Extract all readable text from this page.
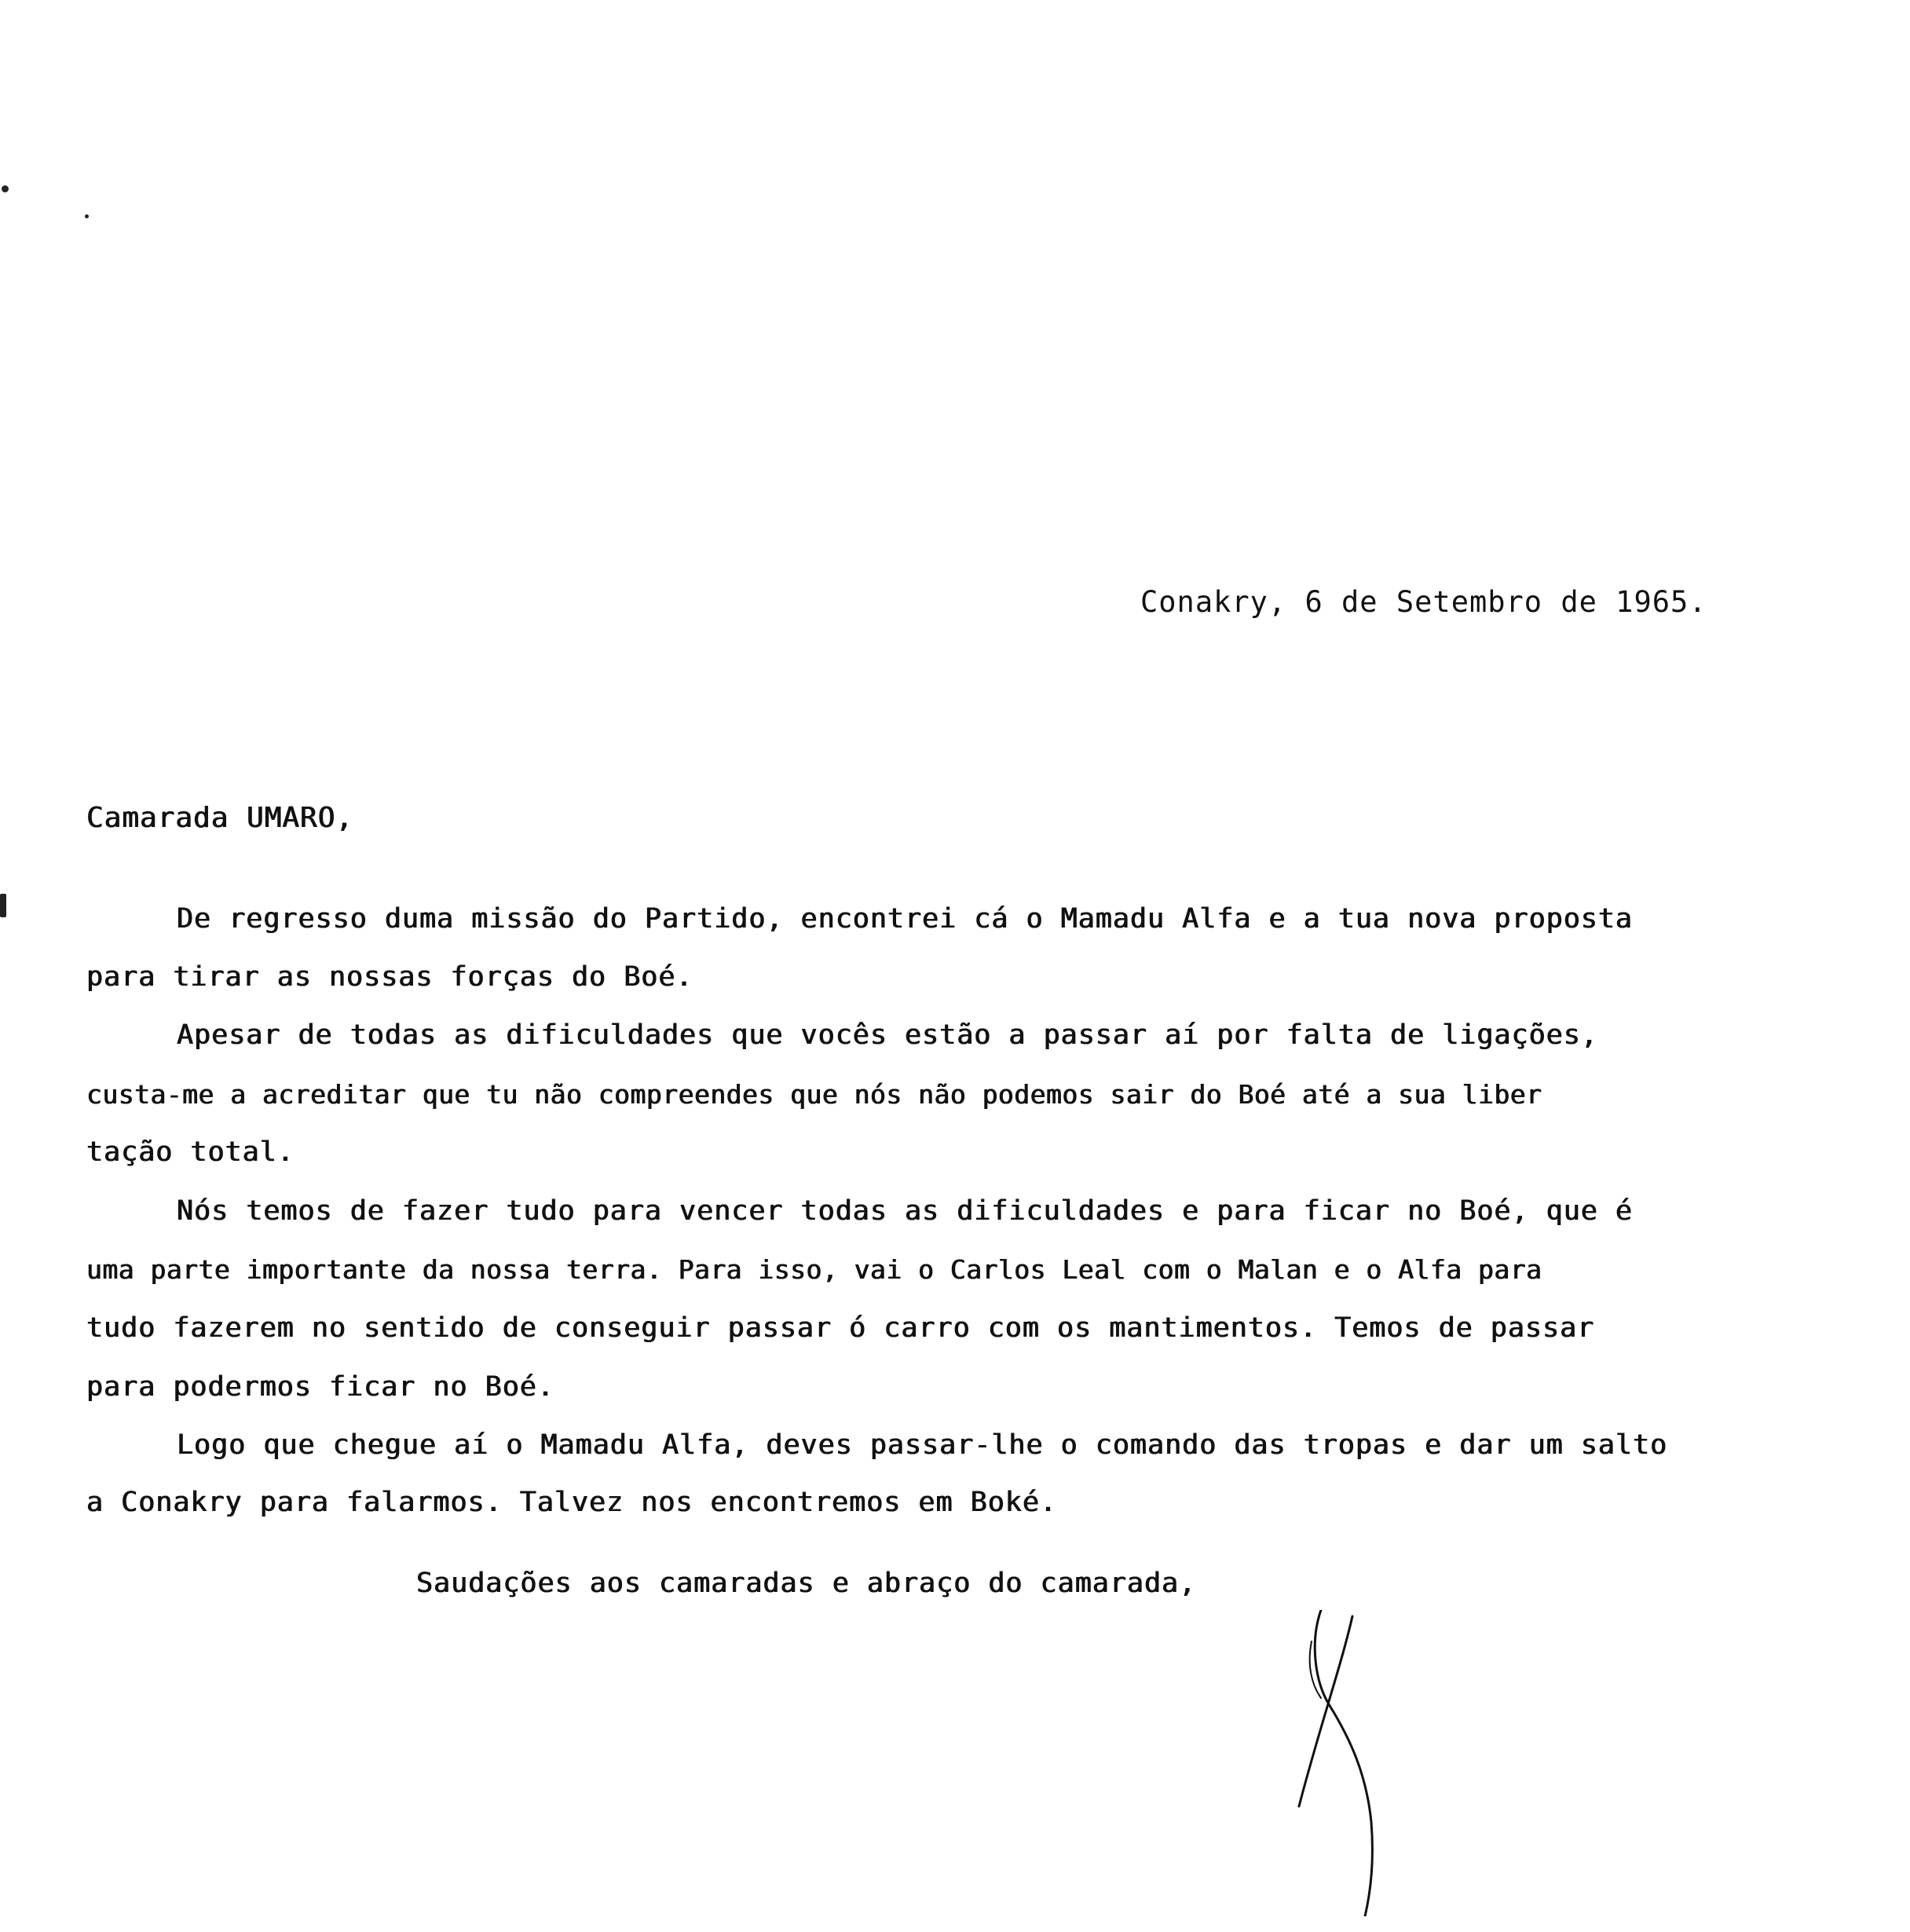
Conakry, 6 de Setembro de 1965.
Camarada UMARO,
De regresso duma missão do Partido, encontrei cá o Mamadu Alfa e a tua nova proposta
para tirar as nossas forças do Boé.
Apesar de todas as dificuldades que vocês estão a passar aí por falta de ligações,
custa-me a acreditar que tu não compreendes que nós não podemos sair do Boé até a sua liber
tação total.
Nós temos de fazer tudo para vencer todas as dificuldades e para ficar no Boé, que é
uma parte importante da nossa terra. Para isso, vai o Carlos Leal com o Malan e o Alfa para
tudo fazerem no sentido de conseguir passar ó carro com os mantimentos. Temos de passar
para podermos ficar no Boé.
Logo que chegue aí o Mamadu Alfa, deves passar-lhe o comando das tropas e dar um salto
a Conakry para falarmos. Talvez nos encontremos em Boké.
Saudações aos camaradas e abraço do camarada,
